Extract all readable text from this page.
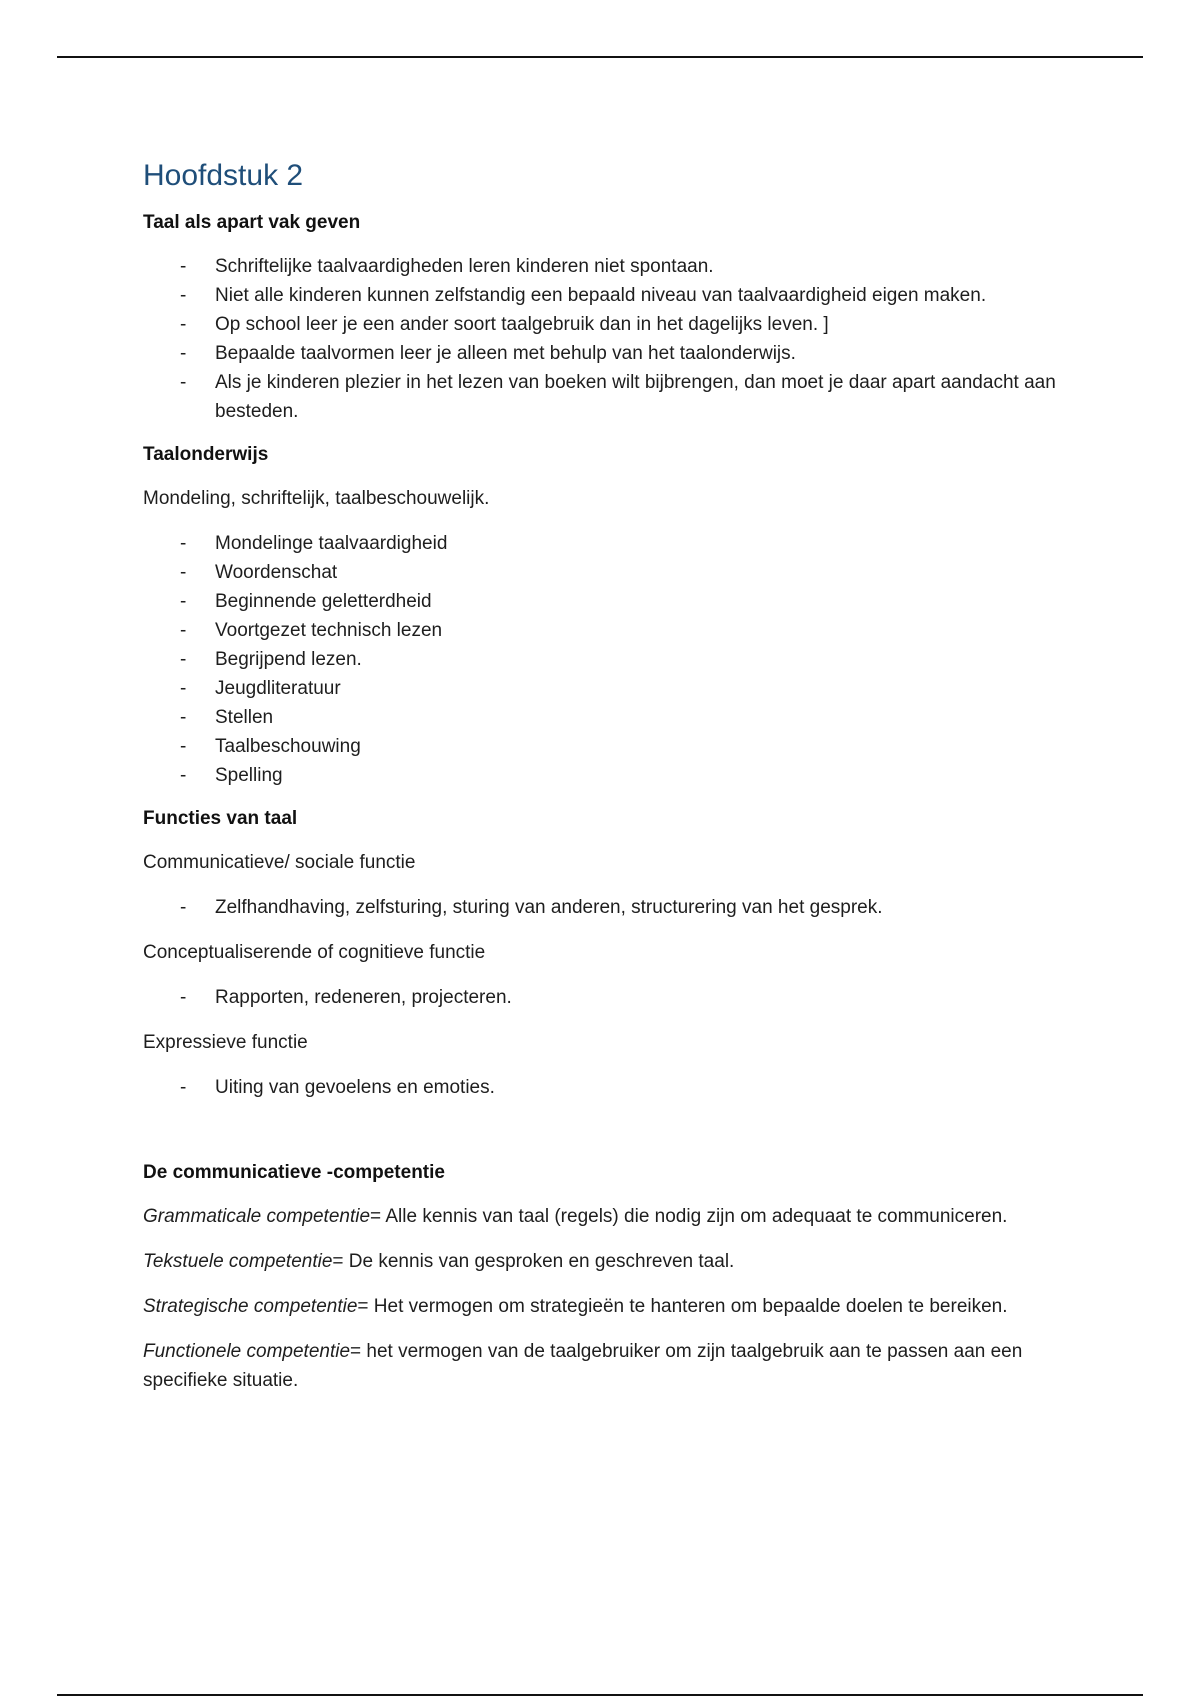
Hoofdstuk 2
Taal als apart vak geven
- Schriftelijke taalvaardigheden leren kinderen niet spontaan.
- Niet alle kinderen kunnen zelfstandig een bepaald niveau van taalvaardigheid eigen maken.
- Op school leer je een ander soort taalgebruik dan in het dagelijks leven. ]
- Bepaalde taalvormen leer je alleen met behulp van het taalonderwijs.
- Als je kinderen plezier in het lezen van boeken wilt bijbrengen, dan moet je daar apart aandacht aan besteden.
Taalonderwijs

Mondeling, schriftelijk, taalbeschouwelijk.

- Mondelinge taalvaardigheid
- Woordenschat
- Beginnende geletterdheid
- Voortgezet technisch lezen
- Begrijpend lezen.
- Jeugdliteratuur
- Stellen
- Taalbeschouwing
- Spelling
Functies van taal

Communicatieve/ sociale functie

- Zelfhandhaving, zelfsturing, sturing van anderen, structurering van het gesprek.

Conceptualiserende of cognitieve functie

- Rapporten, redeneren, projecteren.

Expressieve functie

- Uiting van gevoelens en emoties.
De communicatieve -competentie

Grammaticale competentie= Alle kennis van taal (regels) die nodig zijn om adequaat te communiceren.

Tekstuele competentie= De kennis van gesproken en geschreven taal.

Strategische competentie= Het vermogen om strategieën te hanteren om bepaalde doelen te bereiken.

Functionele competentie= het vermogen van de taalgebruiker om zijn taalgebruik aan te passen aan een specifieke situatie.
